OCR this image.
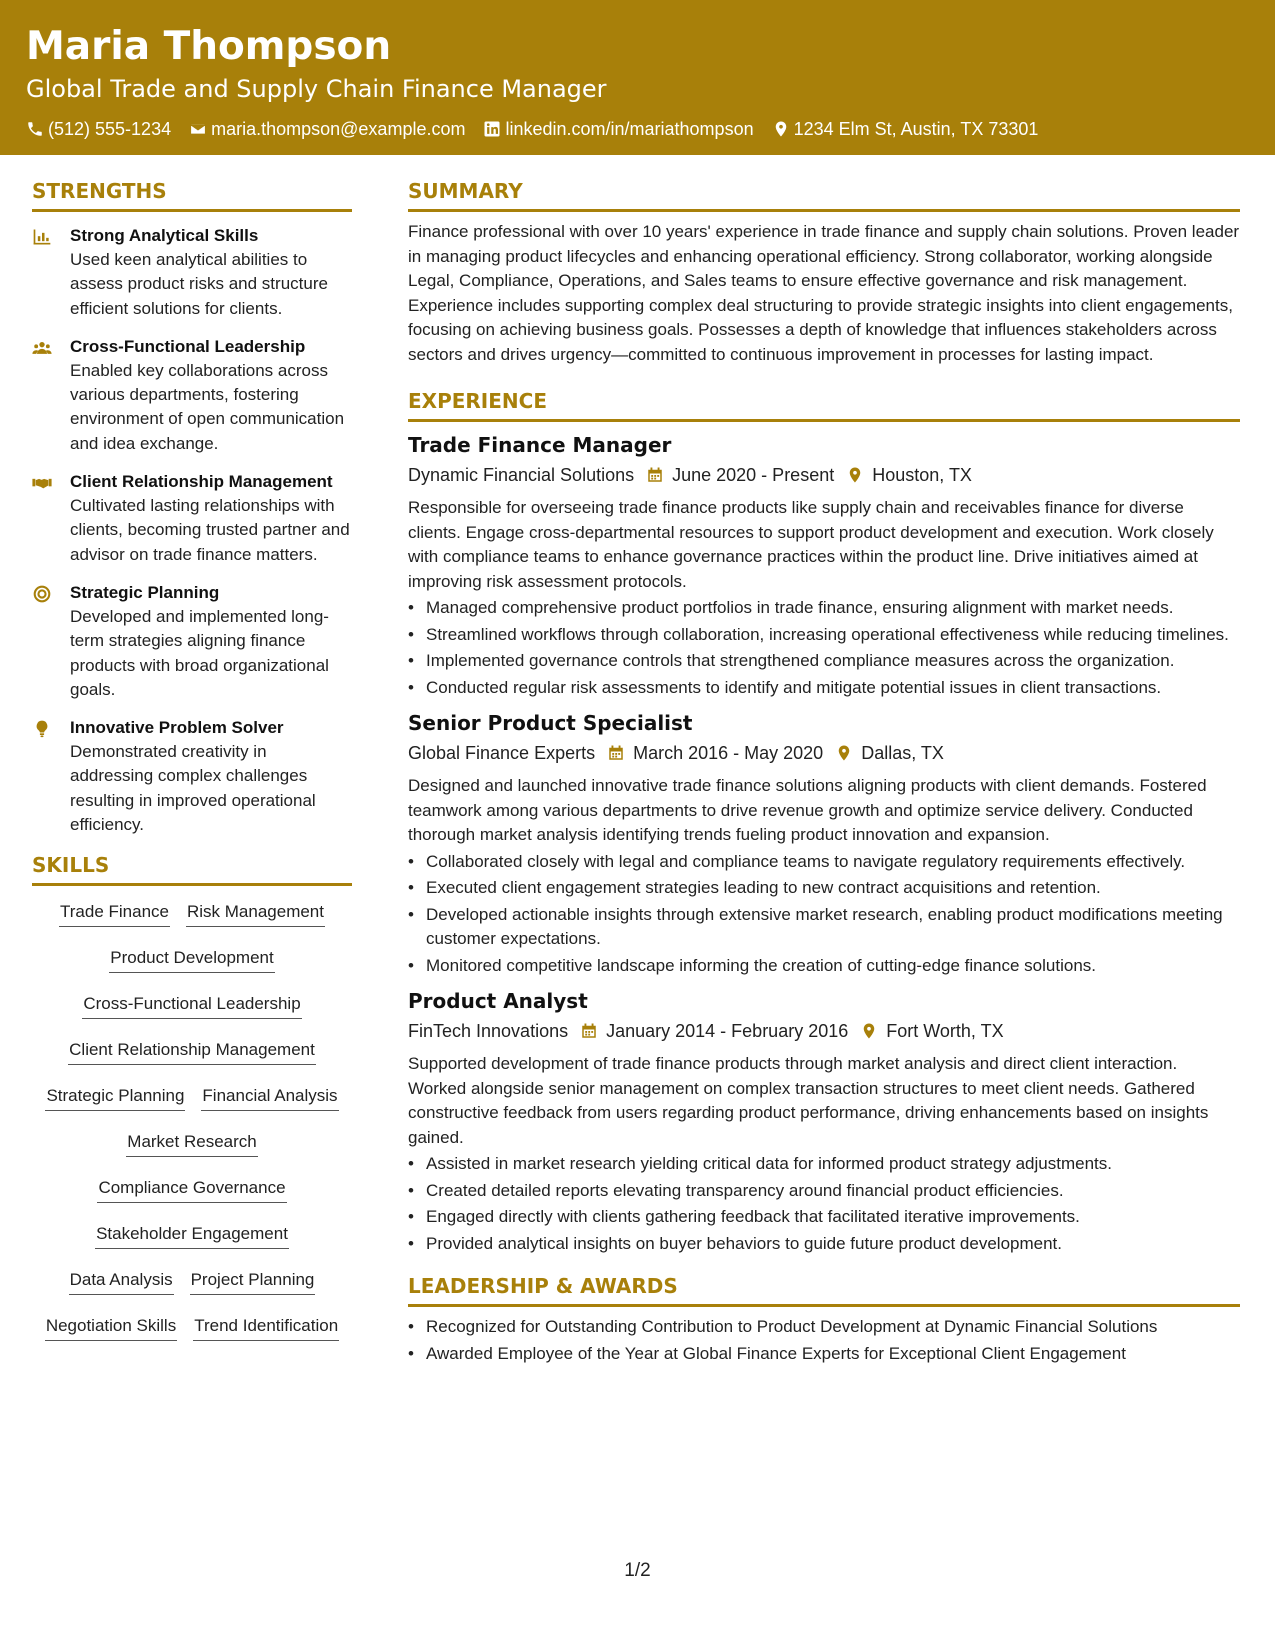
Maria Thompson
Global Trade and Supply Chain Finance Manager
(512) 555-1234 maria.thompson@example.com linkedin.com/in/mariathompson 1234 Elm St, Austin, TX 73301
STRENGTHS
Strong Analytical Skills
Used keen analytical abilities to assess product risks and structure efficient solutions for clients.
Cross-Functional Leadership
Enabled key collaborations across various departments, fostering environment of open communication and idea exchange.
Client Relationship Management
Cultivated lasting relationships with clients, becoming trusted partner and advisor on trade finance matters.
Strategic Planning
Developed and implemented long-term strategies aligning finance products with broad organizational goals.
Innovative Problem Solver
Demonstrated creativity in addressing complex challenges resulting in improved operational efficiency.
SKILLS
Trade Finance Risk Management
Product Development
Cross-Functional Leadership
Client Relationship Management
Strategic Planning Financial Analysis
Market Research
Compliance Governance
Stakeholder Engagement
Data Analysis Project Planning
Negotiation Skills Trend Identification
SUMMARY
Finance professional with over 10 years' experience in trade finance and supply chain solutions. Proven leader in managing product lifecycles and enhancing operational efficiency. Strong collaborator, working alongside Legal, Compliance, Operations, and Sales teams to ensure effective governance and risk management. Experience includes supporting complex deal structuring to provide strategic insights into client engagements, focusing on achieving business goals. Possesses a depth of knowledge that influences stakeholders across sectors and drives urgency—committed to continuous improvement in processes for lasting impact.
EXPERIENCE
Trade Finance Manager
Dynamic Financial Solutions June 2020 - Present Houston, TX
Responsible for overseeing trade finance products like supply chain and receivables finance for diverse clients. Engage cross-departmental resources to support product development and execution. Work closely with compliance teams to enhance governance practices within the product line. Drive initiatives aimed at improving risk assessment protocols.
• Managed comprehensive product portfolios in trade finance, ensuring alignment with market needs.
• Streamlined workflows through collaboration, increasing operational effectiveness while reducing timelines.
• Implemented governance controls that strengthened compliance measures across the organization.
• Conducted regular risk assessments to identify and mitigate potential issues in client transactions.
Senior Product Specialist
Global Finance Experts March 2016 - May 2020 Dallas, TX
Designed and launched innovative trade finance solutions aligning products with client demands. Fostered teamwork among various departments to drive revenue growth and optimize service delivery. Conducted thorough market analysis identifying trends fueling product innovation and expansion.
• Collaborated closely with legal and compliance teams to navigate regulatory requirements effectively.
• Executed client engagement strategies leading to new contract acquisitions and retention.
• Developed actionable insights through extensive market research, enabling product modifications meeting customer expectations.
• Monitored competitive landscape informing the creation of cutting-edge finance solutions.
Product Analyst
FinTech Innovations January 2014 - February 2016 Fort Worth, TX
Supported development of trade finance products through market analysis and direct client interaction. Worked alongside senior management on complex transaction structures to meet client needs. Gathered constructive feedback from users regarding product performance, driving enhancements based on insights gained.
• Assisted in market research yielding critical data for informed product strategy adjustments.
• Created detailed reports elevating transparency around financial product efficiencies.
• Engaged directly with clients gathering feedback that facilitated iterative improvements.
• Provided analytical insights on buyer behaviors to guide future product development.
LEADERSHIP & AWARDS
• Recognized for Outstanding Contribution to Product Development at Dynamic Financial Solutions
• Awarded Employee of the Year at Global Finance Experts for Exceptional Client Engagement
1/2
